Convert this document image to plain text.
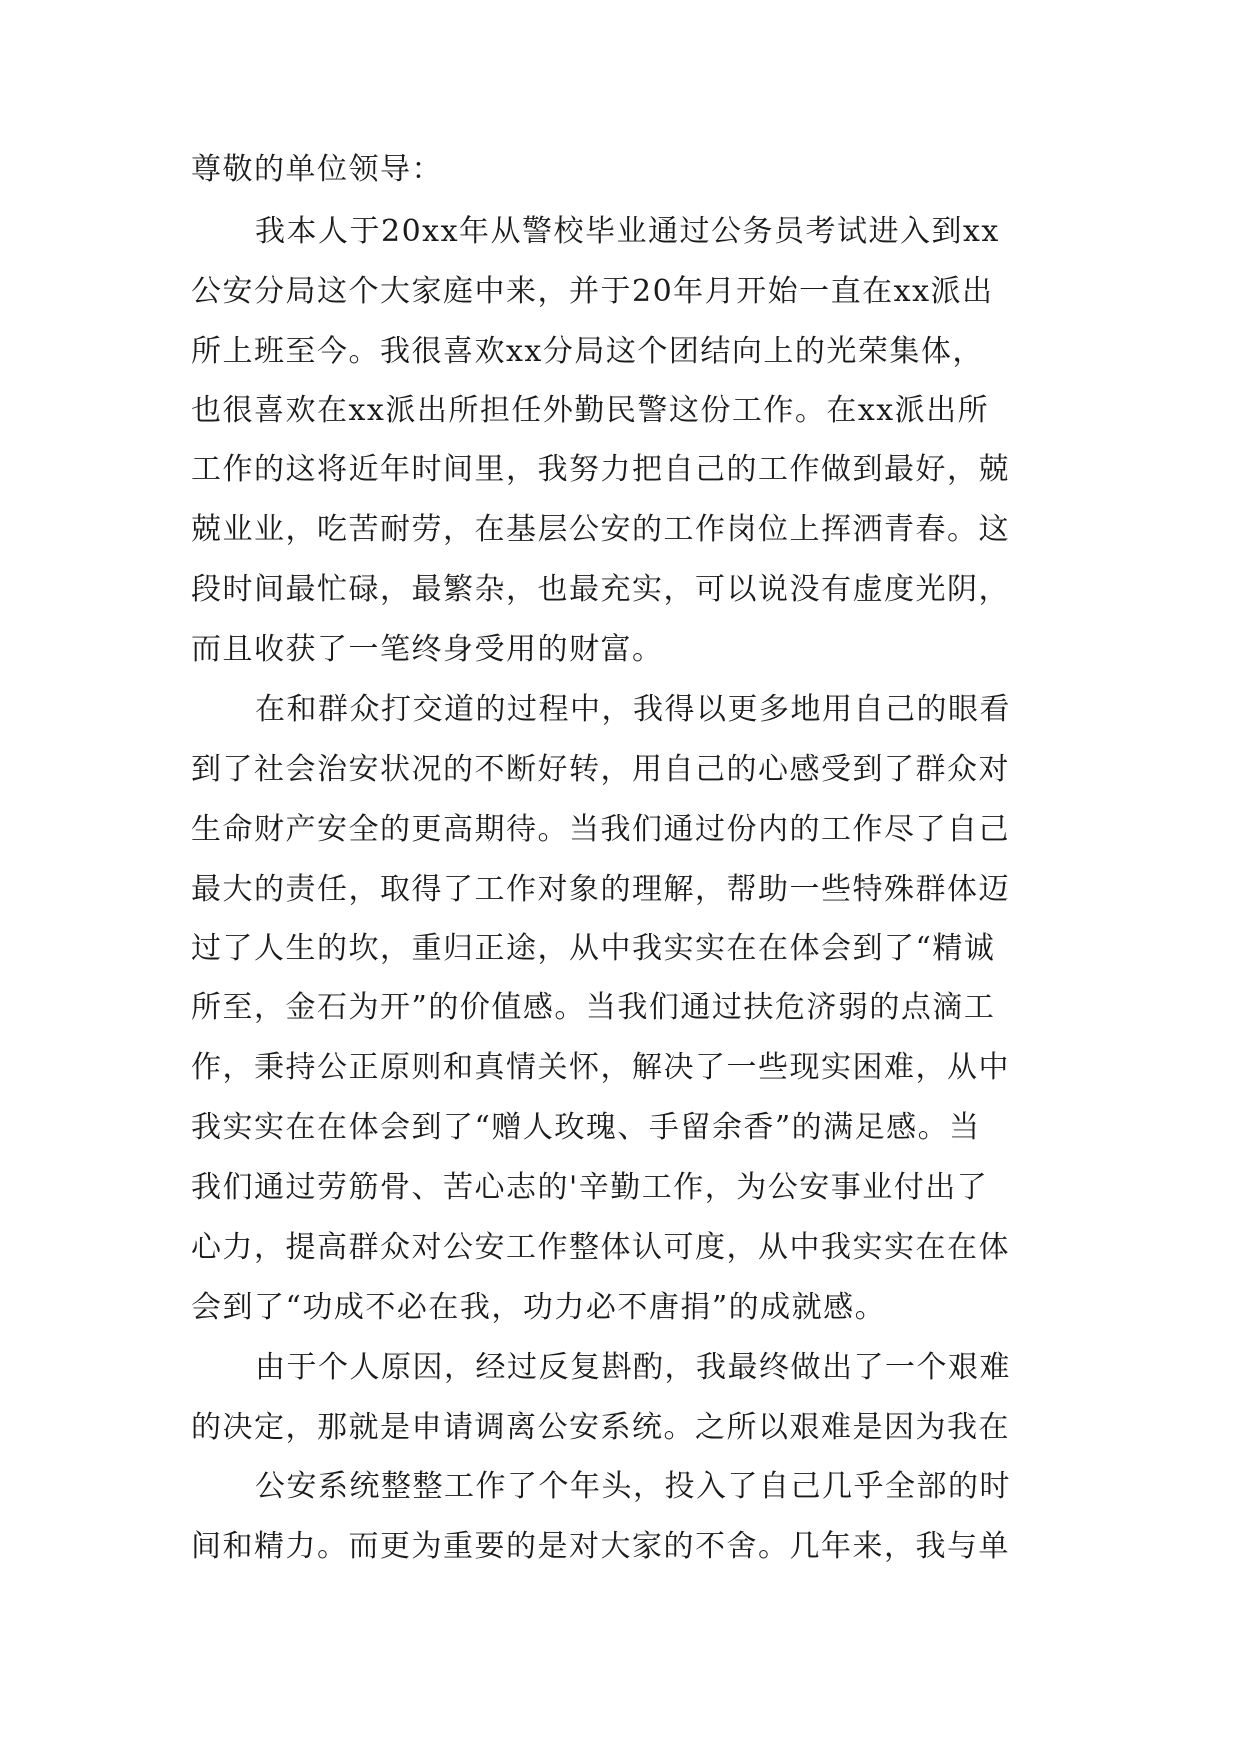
尊敬的单位领导：
我本人于20xx年从警校毕业通过公务员考试进入到xx
公安分局这个大家庭中来，并于20年月开始一直在xx派出
所上班至今。我很喜欢xx分局这个团结向上的光荣集体，
也很喜欢在xx派出所担任外勤民警这份工作。在xx派出所
工作的这将近年时间里，我努力把自己的工作做到最好，兢
兢业业，吃苦耐劳，在基层公安的工作岗位上挥洒青春。这
段时间最忙碌，最繁杂，也最充实，可以说没有虚度光阴，
而且收获了一笔终身受用的财富。
在和群众打交道的过程中，我得以更多地用自己的眼看
到了社会治安状况的不断好转，用自己的心感受到了群众对
生命财产安全的更高期待。当我们通过份内的工作尽了自己
最大的责任，取得了工作对象的理解，帮助一些特殊群体迈
过了人生的坎，重归正途，从中我实实在在体会到了“精诚
所至，金石为开”的价值感。当我们通过扶危济弱的点滴工
作，秉持公正原则和真情关怀，解决了一些现实困难，从中
我实实在在体会到了“赠人玫瑰、手留余香”的满足感。当
我们通过劳筋骨、苦心志的'辛勤工作，为公安事业付出了
心力，提高群众对公安工作整体认可度，从中我实实在在体
会到了“功成不必在我，功力必不唐捐”的成就感。
由于个人原因，经过反复斟酌，我最终做出了一个艰难
的决定，那就是申请调离公安系统。之所以艰难是因为我在
公安系统整整工作了个年头，投入了自己几乎全部的时
间和精力。而更为重要的是对大家的不舍。几年来，我与单
